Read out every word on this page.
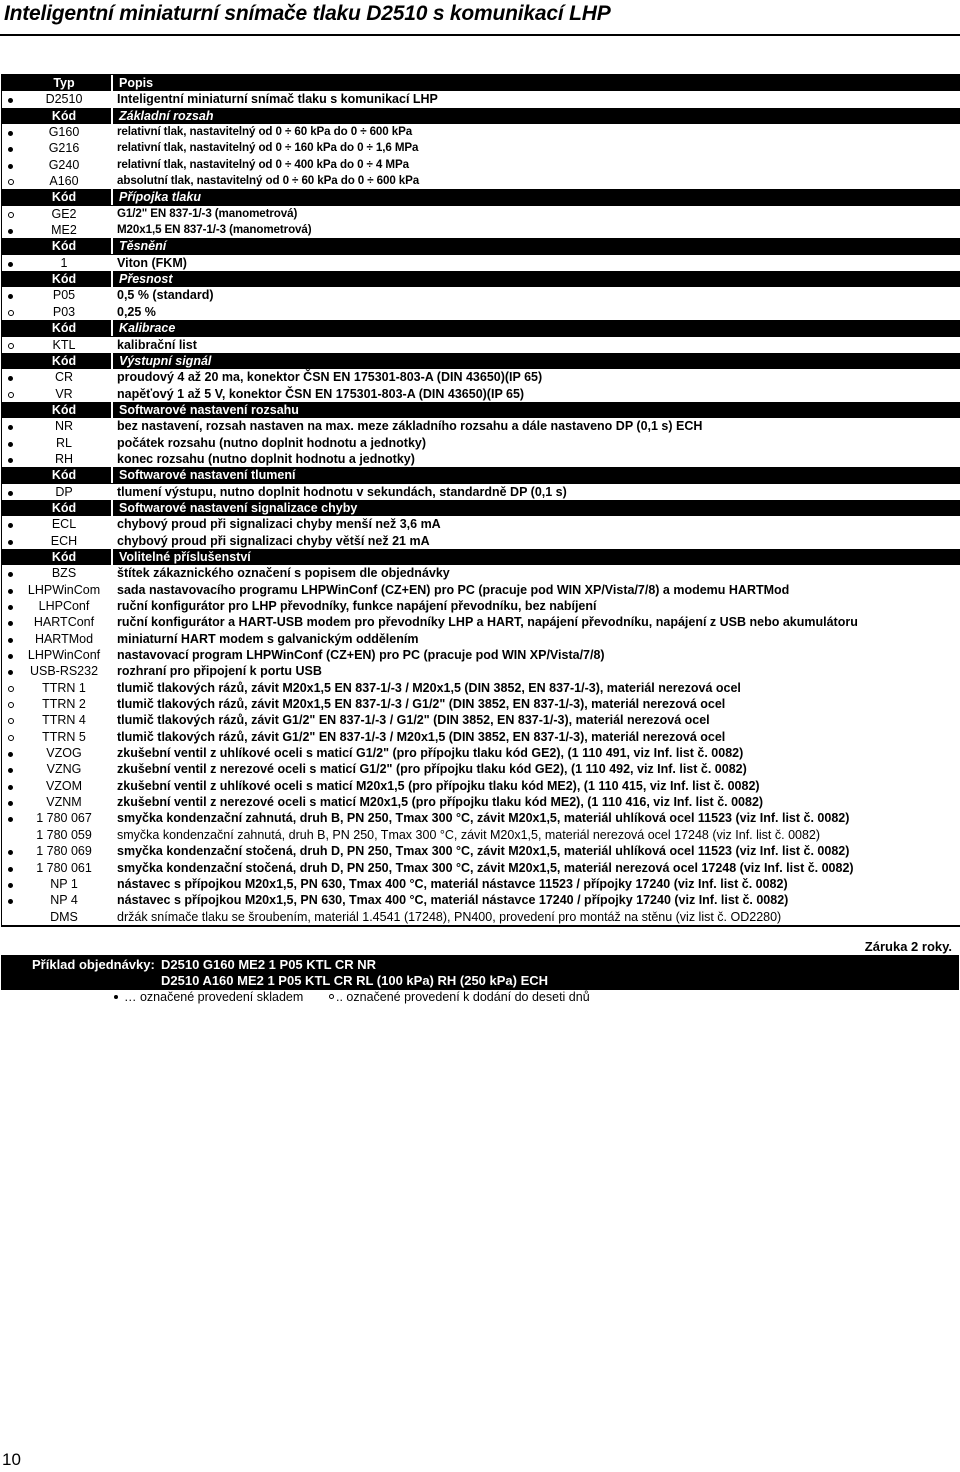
Inteligentní miniaturní snímače tlaku D2510 s komunikací LHP
Typ	Popis
D2510	Inteligentní miniaturní snímač tlaku s komunikací LHP
Kód	Základní rozsah
G160	relativní tlak, nastavitelný od 0 ÷ 60 kPa do 0 ÷ 600 kPa
G216	relativní tlak, nastavitelný od 0 ÷ 160 kPa do 0 ÷ 1,6 MPa
G240	relativní tlak, nastavitelný od 0 ÷ 400 kPa do 0 ÷ 4 MPa
A160	absolutní tlak, nastavitelný od 0 ÷ 60 kPa do 0 ÷ 600 kPa
Kód	Přípojka tlaku
GE2	G1/2" EN 837-1/-3 (manometrová)
ME2	M20x1,5 EN 837-1/-3 (manometrová)
Kód	Těsnění
1	Viton (FKM)
Kód	Přesnost
P05	0,5 % (standard)
P03	0,25 %
Kód	Kalibrace
KTL	kalibrační list
Kód	Výstupní signál
CR	proudový 4 až 20 ma, konektor ČSN EN 175301-803-A (DIN 43650)(IP 65)
VR	napěťový 1 až 5 V, konektor ČSN EN 175301-803-A (DIN 43650)(IP 65)
Kód	Softwarové nastavení rozsahu
NR	bez nastavení, rozsah nastaven na max. meze základního rozsahu a dále nastaveno DP (0,1 s) ECH
RL	počátek rozsahu (nutno doplnit hodnotu a jednotky)
RH	konec rozsahu (nutno doplnit hodnotu a jednotky)
Kód	Softwarové nastavení tlumení
DP	tlumení výstupu, nutno doplnit hodnotu v sekundách, standardně DP (0,1 s)
Kód	Softwarové nastavení signalizace chyby
ECL	chybový proud při signalizaci chyby menší než 3,6 mA
ECH	chybový proud při signalizaci chyby větší než 21 mA
Kód	Volitelné příslušenství
BZS	štítek zákaznického označení s popisem dle objednávky
LHPWinCom	sada nastavovacího programu LHPWinConf (CZ+EN) pro PC (pracuje pod WIN XP/Vista/7/8) a modemu HARTMod
LHPConf	ruční konfigurátor pro LHP převodníky, funkce napájení převodníku, bez nabíjení
HARTConf	ruční konfigurátor a HART-USB modem pro převodníky LHP a HART, napájení převodníku, napájení z USB nebo akumulátoru
HARTMod	miniaturní HART modem s galvanickým oddělením
LHPWinConf	nastavovací program LHPWinConf (CZ+EN) pro PC (pracuje pod WIN XP/Vista/7/8)
USB-RS232	rozhraní pro připojení k portu USB
TTRN 1	tlumič tlakových rázů, závit M20x1,5 EN 837-1/-3 / M20x1,5 (DIN 3852, EN 837-1/-3), materiál nerezová ocel
TTRN 2	tlumič tlakových rázů, závit M20x1,5 EN 837-1/-3 / G1/2" (DIN 3852, EN 837-1/-3), materiál nerezová ocel
TTRN 4	tlumič tlakových rázů, závit G1/2" EN 837-1/-3 / G1/2" (DIN 3852, EN 837-1/-3), materiál nerezová ocel
TTRN 5	tlumič tlakových rázů, závit G1/2" EN 837-1/-3 / M20x1,5 (DIN 3852, EN 837-1/-3), materiál nerezová ocel
VZOG	zkušební ventil z uhlíkové oceli s maticí G1/2" (pro přípojku tlaku kód GE2), (1 110 491, viz Inf. list č. 0082)
VZNG	zkušební ventil z nerezové oceli s maticí G1/2" (pro přípojku tlaku kód GE2), (1 110 492, viz Inf. list č. 0082)
VZOM	zkušební ventil z uhlíkové oceli s maticí M20x1,5 (pro přípojku tlaku kód ME2), (1 110 415, viz Inf. list č. 0082)
VZNM	zkušební ventil z nerezové oceli s maticí M20x1,5 (pro přípojku tlaku kód ME2), (1 110 416, viz Inf. list č. 0082)
1 780 067	smyčka kondenzační zahnutá, druh B, PN 250, Tmax 300 °C, závit M20x1,5, materiál uhlíková ocel 11523 (viz Inf. list č. 0082)
1 780 059	smyčka kondenzační zahnutá, druh B, PN 250, Tmax 300 °C, závit M20x1,5, materiál nerezová ocel 17248 (viz Inf. list č. 0082)
1 780 069	smyčka kondenzační stočená, druh D, PN 250, Tmax 300 °C, závit M20x1,5, materiál uhlíková ocel 11523 (viz Inf. list č. 0082)
1 780 061	smyčka kondenzační stočená, druh D, PN 250, Tmax 300 °C, závit M20x1,5, materiál nerezová ocel 17248 (viz Inf. list č. 0082)
NP 1	nástavec s přípojkou M20x1,5, PN 630, Tmax 400 °C, materiál nástavce 11523 / přípojky 17240 (viz Inf. list č. 0082)
NP 4	nástavec s přípojkou M20x1,5, PN 630, Tmax 400 °C, materiál nástavce 17240 / přípojky 17240 (viz Inf. list č. 0082)
DMS	držák snímače tlaku se šroubením, materiál 1.4541 (17248), PN400, provedení pro montáž na stěnu (viz list č. OD2280)
Záruka 2 roky.
Příklad objednávky: D2510 G160 ME2 1 P05 KTL CR NR
D2510 A160 ME2 1 P05 KTL CR RL (100 kPa) RH (250 kPa) ECH
… označené provedení skladem	.. označené provedení k dodání do deseti dnů
10
